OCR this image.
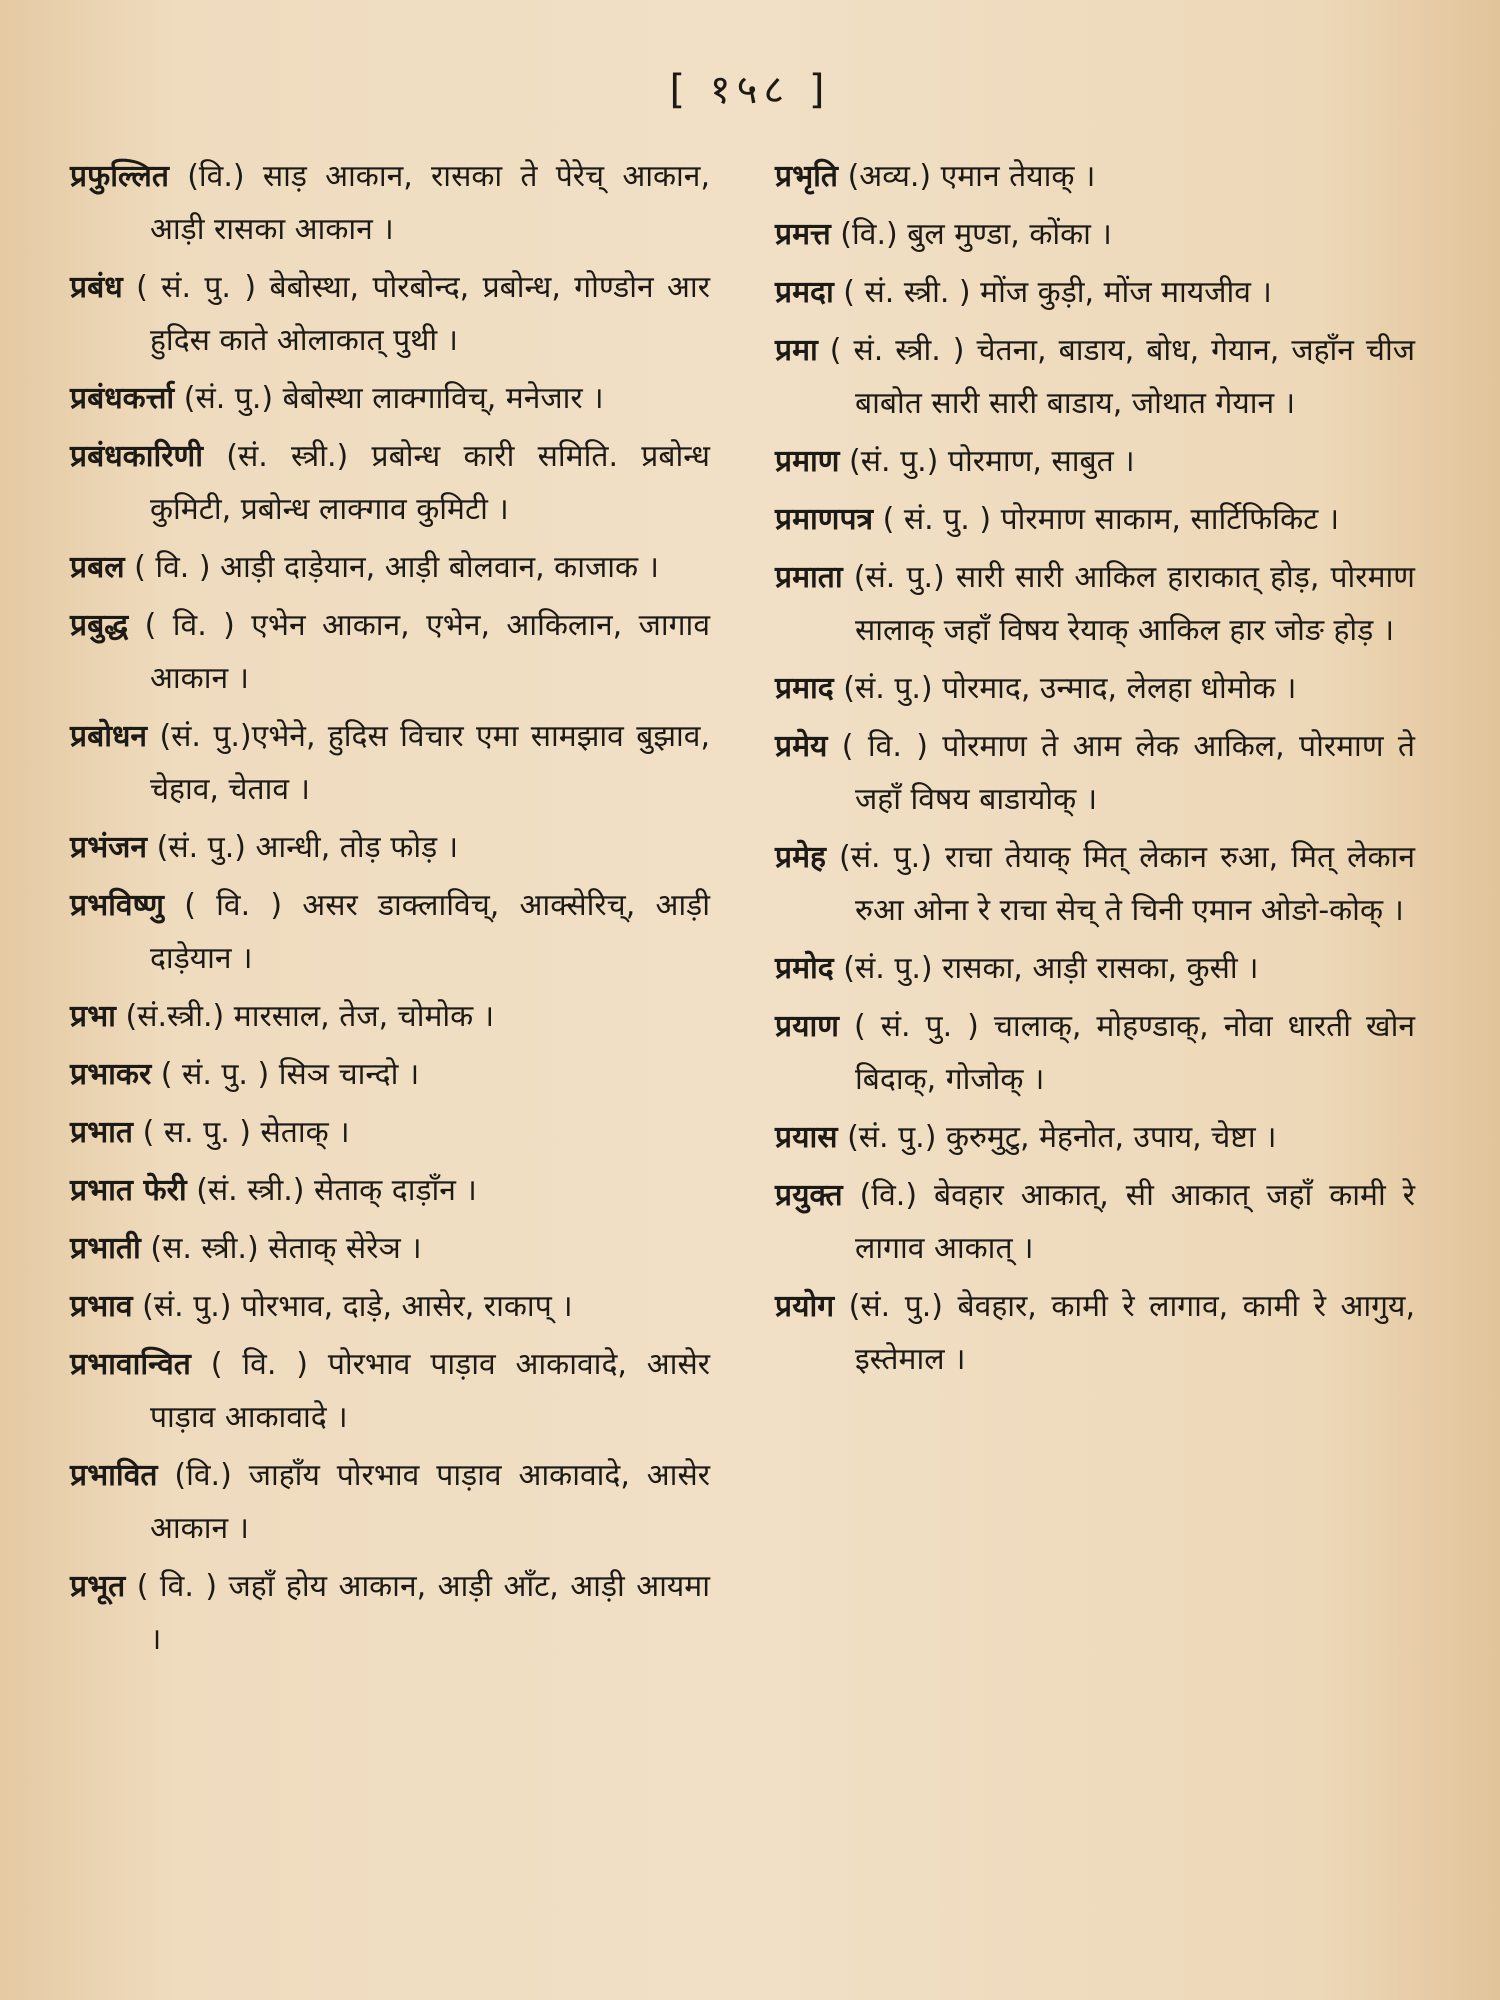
[ १५८ ]

प्रफुल्लित (वि.) साड़ आकान, रासका ते पेरेच् आकान, आड़ी रासका आकान ।

प्रबंध ( सं. पु. ) बेबोस्था, पोरबोन्द, प्रबोन्ध, गोण्डोन आर हुदिस काते ओलाकात् पुथी ।

प्रबंधकर्त्ता (सं. पु.) बेबोस्था लाक्गाविच्, मनेजार ।

प्रबंधकारिणी (सं. स्त्री.) प्रबोन्ध कारी समिति. प्रबोन्ध कुमिटी, प्रबोन्ध लाक्गाव कुमिटी ।

प्रबल ( वि. ) आड़ी दाड़ेयान, आड़ी बोलवान, काजाक ।

प्रबुद्ध ( वि. ) एभेन आकान, एभेन, आकिलान, जागाव आकान ।

प्रबोधन (सं. पु.)एभेने, हुदिस विचार एमा सामझाव बुझाव, चेहाव, चेताव ।

प्रभंजन (सं. पु.) आन्धी, तोड़ फोड़ ।

प्रभविष्णु ( वि. ) असर डाक्लाविच्, आक्सेरिच्, आड़ी दाड़ेयान ।

प्रभा (सं.स्त्री.) मारसाल, तेज, चोमोक ।

प्रभाकर ( सं. पु. ) सिञ चान्दो ।

प्रभात ( स. पु. ) सेताक् ।

प्रभात फेरी (सं. स्त्री.) सेताक् दाड़ाँन ।

प्रभाती (स. स्त्री.) सेताक् सेरेञ ।

प्रभाव (सं. पु.) पोरभाव, दाड़े, आसेर, राकाप् ।

प्रभावान्वित ( वि. ) पोरभाव पाड़ाव आकावादे, आसेर पाड़ाव आकावादे ।

प्रभावित (वि.) जाहाँय पोरभाव पाड़ाव आकावादे, आसेर आकान ।

प्रभूत ( वि. ) जहाँ होय आकान, आड़ी आँट, आड़ी आयमा ।

प्रभृति (अव्य.) एमान तेयाक् ।

प्रमत्त (वि.) बुल मुण्डा, कोंका ।

प्रमदा ( सं. स्त्री. ) मोंज कुड़ी, मोंज मायजीव ।

प्रमा ( सं. स्त्री. ) चेतना, बाडाय, बोध, गेयान, जहाँन चीज बाबोत सारी सारी बाडाय, जोथात गेयान ।

प्रमाण (सं. पु.) पोरमाण, साबुत ।

प्रमाणपत्र ( सं. पु. ) पोरमाण साकाम, सार्टिफिकिट ।

प्रमाता (सं. पु.) सारी सारी आकिल हाराकात् होड़, पोरमाण सालाक् जहाँ विषय रेयाक् आकिल हार जोङ होड़ ।

प्रमाद (सं. पु.) पोरमाद, उन्माद, लेलहा धोमोक ।

प्रमेय ( वि. ) पोरमाण ते आम लेक आकिल, पोरमाण ते जहाँ विषय बाडायोक् ।

प्रमेह (सं. पु.) राचा तेयाक् मित् लेकान रुआ, मित् लेकान रुआ ओना रे राचा सेच् ते चिनी एमान ओङो-कोक् ।

प्रमोद (सं. पु.) रासका, आड़ी रासका, कुसी ।

प्रयाण ( सं. पु. ) चालाक्, मोहण्डाक्, नोवा धारती खोन बिदाक्, गोजोक् ।

प्रयास (सं. पु.) कुरुमुटु, मेहनोत, उपाय, चेष्टा ।

प्रयुक्त (वि.) बेवहार आकात्, सी आकात् जहाँ कामी रे लागाव आकात् ।

प्रयोग (सं. पु.) बेवहार, कामी रे लागाव, कामी रे आगुय, इस्तेमाल ।
